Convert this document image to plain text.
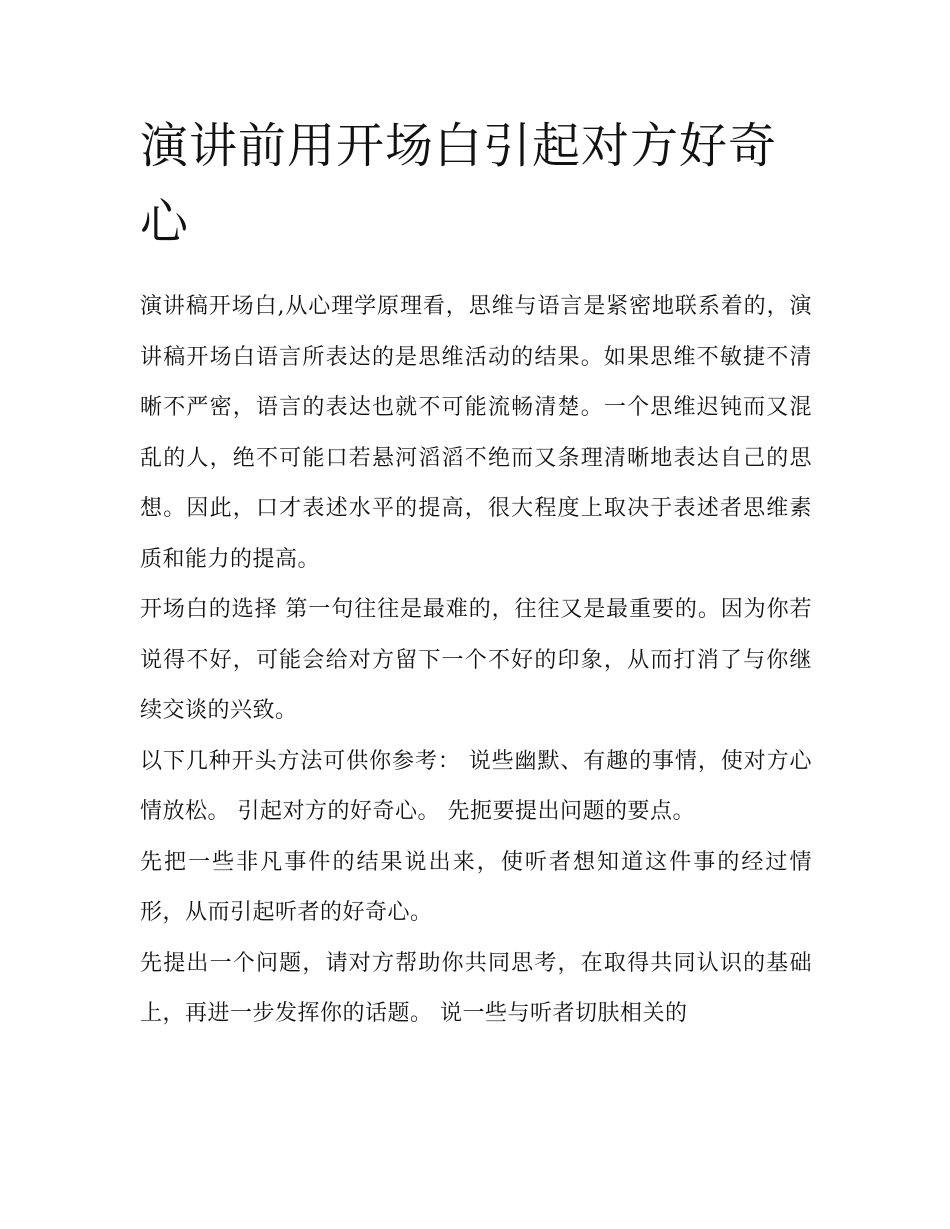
演讲前用开场白引起对方好奇心

演讲稿开场白,从心理学原理看，思维与语言是紧密地联系着的，演讲稿开场白语言所表达的是思维活动的结果。如果思维不敏捷不清晰不严密，语言的表达也就不可能流畅清楚。一个思维迟钝而又混乱的人，绝不可能口若悬河滔滔不绝而又条理清晰地表达自己的思想。因此，口才表述水平的提高，很大程度上取决于表述者思维素质和能力的提高。

开场白的选择 第一句往往是最难的，往往又是最重要的。因为你若说得不好，可能会给对方留下一个不好的印象，从而打消了与你继续交谈的兴致。

以下几种开头方法可供你参考： 说些幽默、有趣的事情，使对方心情放松。 引起对方的好奇心。 先扼要提出问题的要点。

先把一些非凡事件的结果说出来，使听者想知道这件事的经过情形，从而引起听者的好奇心。

先提出一个问题，请对方帮助你共同思考，在取得共同认识的基础上，再进一步发挥你的话题。 说一些与听者切肤相关的
